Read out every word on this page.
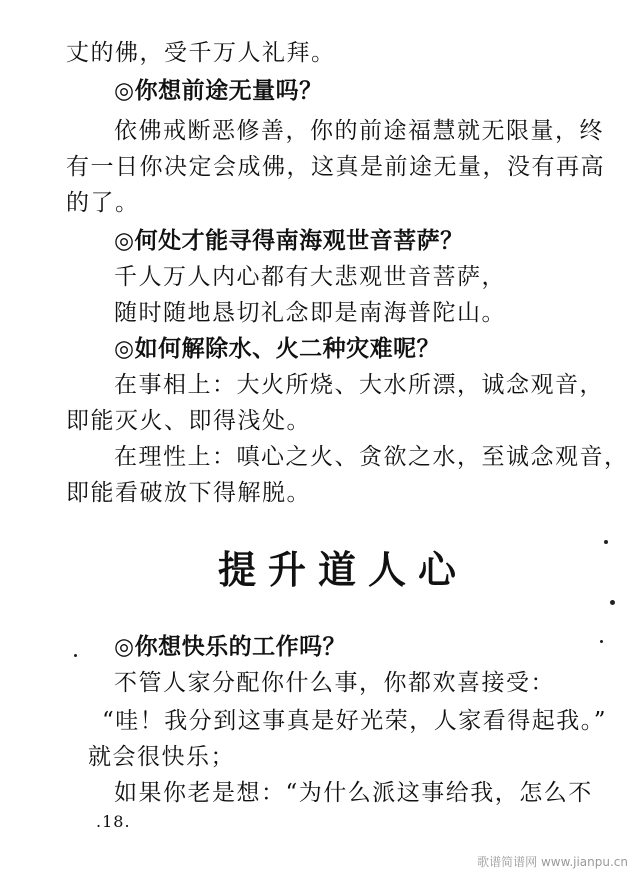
丈的佛，受千万人礼拜。
◎你想前途无量吗？
依佛戒断恶修善，你的前途福慧就无限量，终
有一日你决定会成佛，这真是前途无量，没有再高
的了。
◎何处才能寻得南海观世音菩萨？
千人万人内心都有大悲观世音菩萨，
随时随地恳切礼念即是南海普陀山。
◎如何解除水、火二种灾难呢？
在事相上：大火所烧、大水所漂，诚念观音，
即能灭火、即得浅处。
在理性上：嗔心之火、贪欲之水，至诚念观音，
即能看破放下得解脱。
提升道人心
◎你想快乐的工作吗？
不管人家分配你什么事，你都欢喜接受：
“哇！我分到这事真是好光荣，人家看得起我。”
就会很快乐；
如果你老是想：“为什么派这事给我，怎么不
.18.
歌谱简谱网 www.jianpu.cn
